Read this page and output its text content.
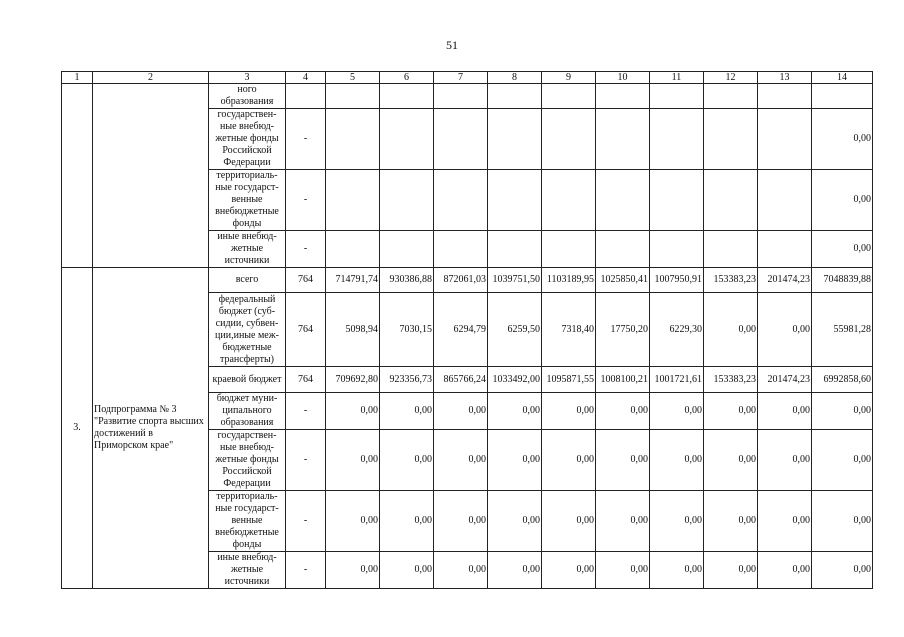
51
1	2	3	4	5	6	7	8	9	10	11	12	13	14
		ного образования											
		государствен-ные внебюд-жетные фонды Российской Федерации	-										0,00
		территориаль-ные государст-венные внебюджетные фонды	-										0,00
		иные внебюд-жетные источники	-										0,00
3.	Подпрограмма № 3 "Развитие спорта высших достижений в Приморском крае"	всего	764	714791,74	930386,88	872061,03	1039751,50	1103189,95	1025850,41	1007950,91	153383,23	201474,23	7048839,88
		федеральный бюджет (суб-сидии, субвен-ции,иные меж-бюджетные трансферты)	764	5098,94	7030,15	6294,79	6259,50	7318,40	17750,20	6229,30	0,00	0,00	55981,28
		краевой бюджет	764	709692,80	923356,73	865766,24	1033492,00	1095871,55	1008100,21	1001721,61	153383,23	201474,23	6992858,60
		бюджет муни-ципального образования	-	0,00	0,00	0,00	0,00	0,00	0,00	0,00	0,00	0,00	0,00
		государствен-ные внебюд-жетные фонды Российской Федерации	-	0,00	0,00	0,00	0,00	0,00	0,00	0,00	0,00	0,00	0,00
		территориаль-ные государст-венные внебюджетные фонды	-	0,00	0,00	0,00	0,00	0,00	0,00	0,00	0,00	0,00	0,00
		иные внебюд-жетные источники	-	0,00	0,00	0,00	0,00	0,00	0,00	0,00	0,00	0,00	0,00
